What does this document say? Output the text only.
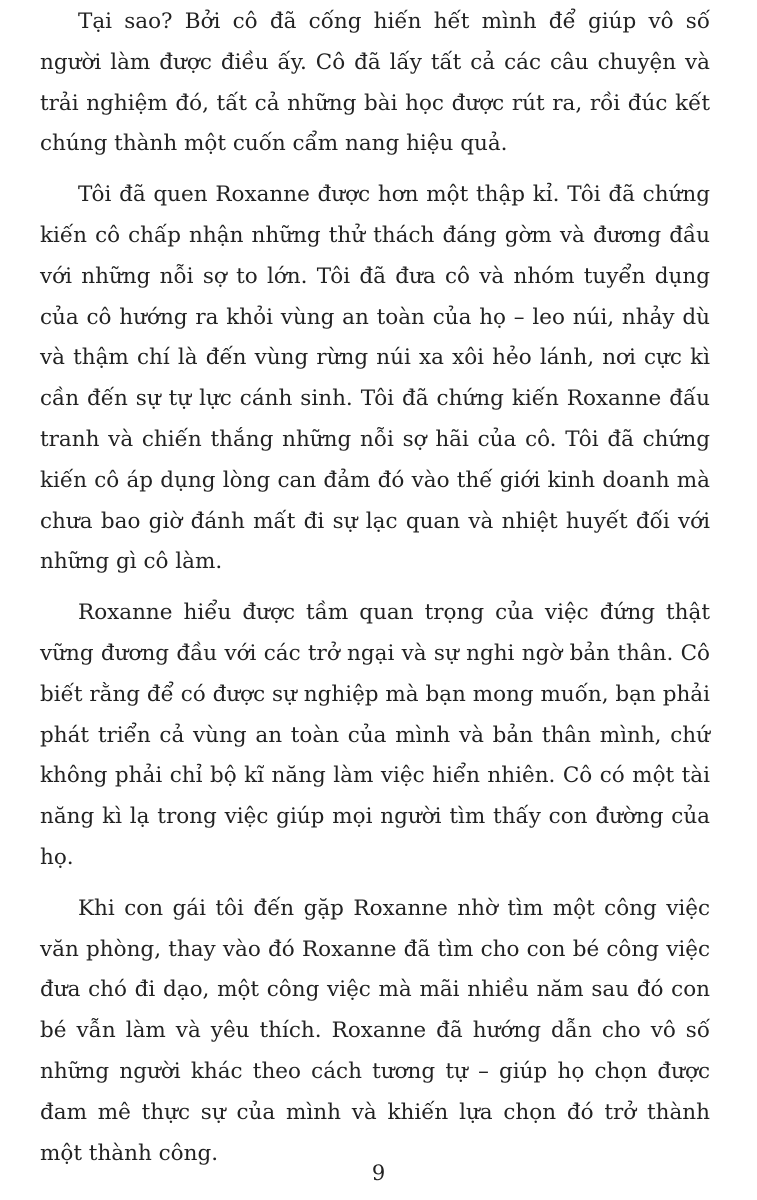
Tại sao? Bởi cô đã cống hiến hết mình để giúp vô số người làm được điều ấy. Cô đã lấy tất cả các câu chuyện và trải nghiệm đó, tất cả những bài học được rút ra, rồi đúc kết chúng thành một cuốn cẩm nang hiệu quả.

Tôi đã quen Roxanne được hơn một thập kỉ. Tôi đã chứng kiến cô chấp nhận những thử thách đáng gờm và đương đầu với những nỗi sợ to lớn. Tôi đã đưa cô và nhóm tuyển dụng của cô hướng ra khỏi vùng an toàn của họ – leo núi, nhảy dù và thậm chí là đến vùng rừng núi xa xôi hẻo lánh, nơi cực kì cần đến sự tự lực cánh sinh. Tôi đã chứng kiến Roxanne đấu tranh và chiến thắng những nỗi sợ hãi của cô. Tôi đã chứng kiến cô áp dụng lòng can đảm đó vào thế giới kinh doanh mà chưa bao giờ đánh mất đi sự lạc quan và nhiệt huyết đối với những gì cô làm.

Roxanne hiểu được tầm quan trọng của việc đứng thật vững đương đầu với các trở ngại và sự nghi ngờ bản thân. Cô biết rằng để có được sự nghiệp mà bạn mong muốn, bạn phải phát triển cả vùng an toàn của mình và bản thân mình, chứ không phải chỉ bộ kĩ năng làm việc hiển nhiên. Cô có một tài năng kì lạ trong việc giúp mọi người tìm thấy con đường của họ.

Khi con gái tôi đến gặp Roxanne nhờ tìm một công việc văn phòng, thay vào đó Roxanne đã tìm cho con bé công việc đưa chó đi dạo, một công việc mà mãi nhiều năm sau đó con bé vẫn làm và yêu thích. Roxanne đã hướng dẫn cho vô số những người khác theo cách tương tự – giúp họ chọn được đam mê thực sự của mình và khiến lựa chọn đó trở thành một thành công.

9
